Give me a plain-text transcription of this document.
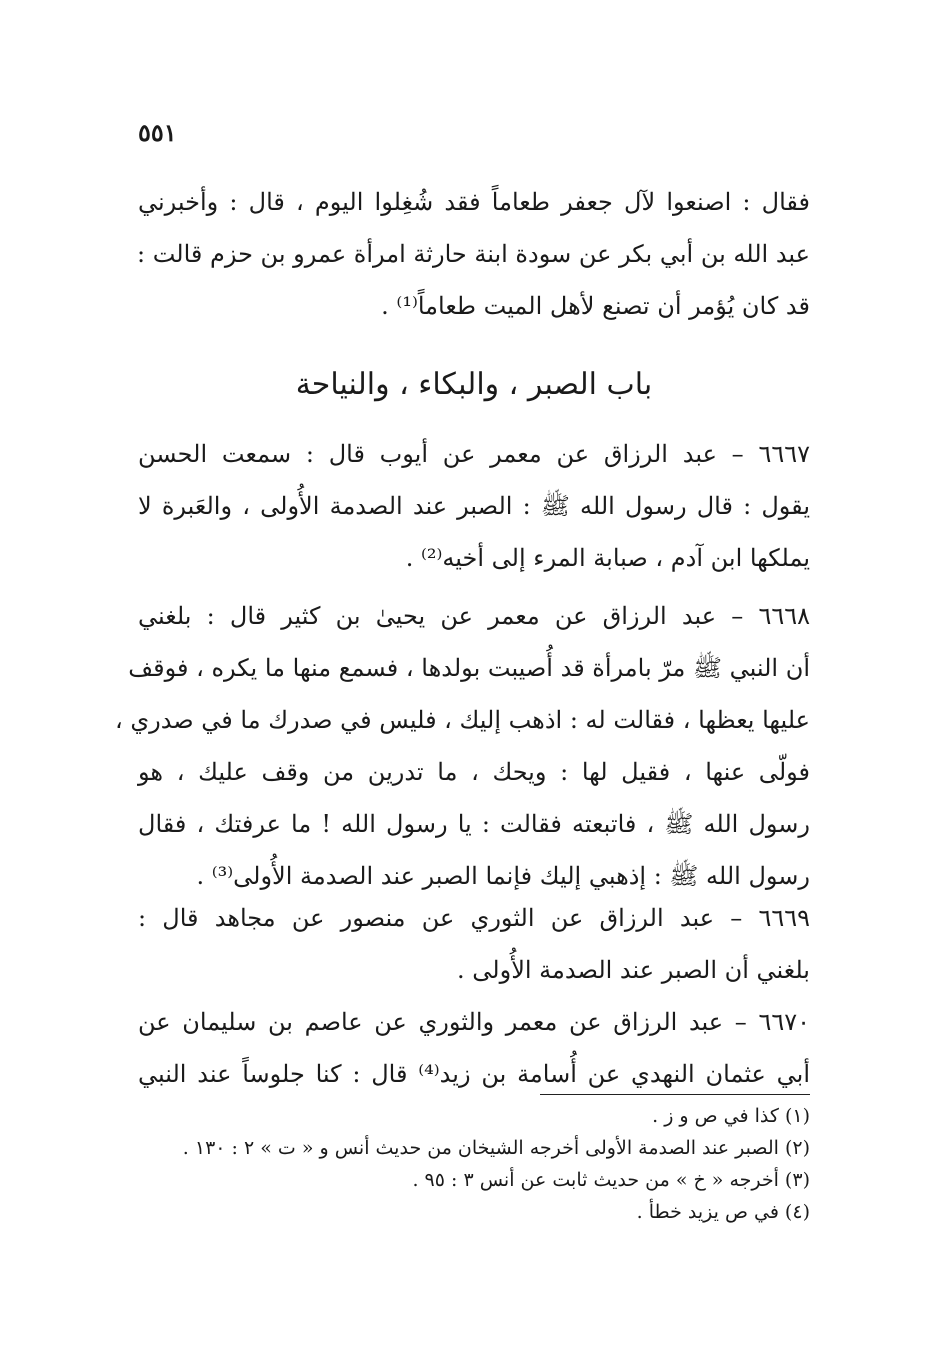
٥٥١
فقال : اصنعوا لآل جعفر طعاماً فقد شُغِلوا اليوم ، قال : وأخبرني
عبد الله بن أبي بكر عن سودة ابنة حارثة امرأة عمرو بن حزم قالت :
قد كان يُؤمر أن تصنع لأهل الميت طعاماً⁽¹⁾ .
باب الصبر ، والبكاء ، والنياحة
٦٦٦٧ – عبد الرزاق عن معمر عن أيوب قال : سمعت الحسن
يقول : قال رسول الله ﷺ : الصبر عند الصدمة الأُولى ، والعَبرة لا
يملكها ابن آدم ، صبابة المرء إلى أخيه⁽²⁾ .
٦٦٦٨ – عبد الرزاق عن معمر عن يحيىٰ بن كثير قال : بلغني
أن النبي ﷺ مرّ بامرأة قد أُصيبت بولدها ، فسمع منها ما يكره ، فوقف
عليها يعظها ، فقالت له : اذهب إليك ، فليس في صدرك ما في صدري ،
فولّى عنها ، فقيل لها : ويحك ، ما تدرين من وقف عليك ، هو
رسول الله ﷺ ، فاتبعته فقالت : يا رسول الله ! ما عرفتك ، فقال
رسول الله ﷺ : إذهبي إليك فإنما الصبر عند الصدمة الأُولى⁽³⁾ .
٦٦٦٩ – عبد الرزاق عن الثوري عن منصور عن مجاهد قال :
بلغني أن الصبر عند الصدمة الأُولى .
٦٦٧٠ – عبد الرزاق عن معمر والثوري عن عاصم بن سليمان عن
أبي عثمان النهدي عن أُسامة بن زيد⁽⁴⁾ قال : كنا جلوساً عند النبي
(١) كذا في ص و ز .
(٢) الصبر عند الصدمة الأولى أخرجه الشيخان من حديث أنس و « ت » ٢ : ١٣٠ .
(٣) أخرجه « خ » من حديث ثابت عن أنس ٣ : ٩٥ .
(٤) في ص يزيد خطأ .
